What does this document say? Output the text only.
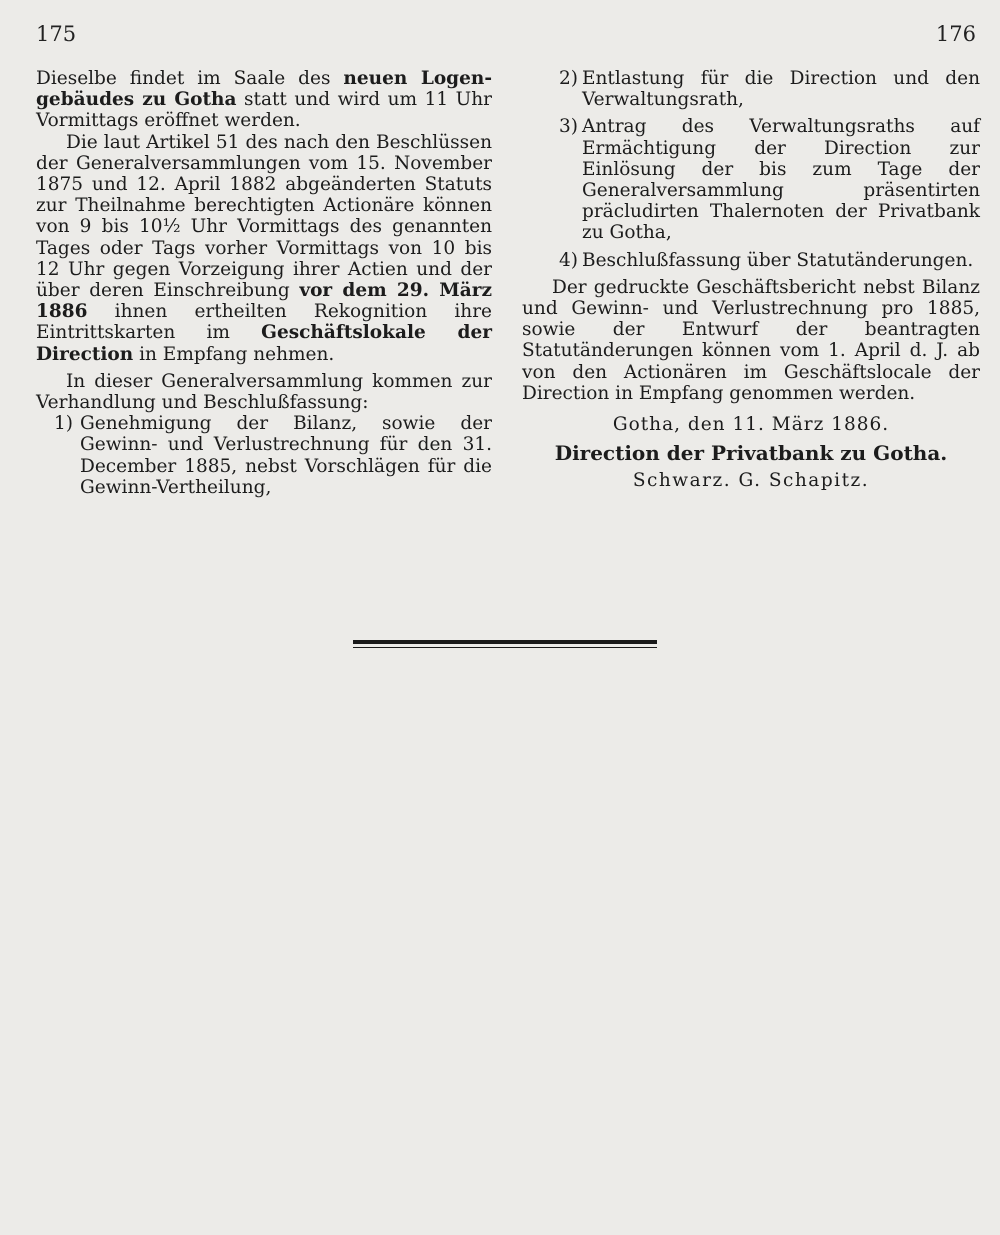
175	176

Dieselbe findet im Saale des neuen Logen-gebäudes zu Gotha statt und wird um 11 Uhr Vormittags eröffnet werden.

Die laut Artikel 51 des nach den Beschlüssen der Generalversammlungen vom 15. November 1875 und 12. April 1882 abgeänderten Statuts zur Theilnahme berechtigten Actionäre können von 9 bis 10½ Uhr Vormittags des genannten Tages oder Tags vorher Vormittags von 10 bis 12 Uhr gegen Vorzeigung ihrer Actien und der über deren Einschreibung vor dem 29. März 1886 ihnen ertheilten Rekognition ihre Eintrittskarten im Geschäftslokale der Direction in Empfang nehmen.

In dieser Generalversammlung kommen zur Verhandlung und Beschlußfassung:

1) Genehmigung der Bilanz, sowie der Gewinn- und Verlustrechnung für den 31. December 1885, nebst Vorschlägen für die Gewinn-Vertheilung,
2) Entlastung für die Direction und den Verwaltungsrath,
3) Antrag des Verwaltungsraths auf Ermächtigung der Direction zur Einlösung der bis zum Tage der Generalversammlung präsentirten präcludirten Thalernoten der Privatbank zu Gotha,
4) Beschlußfassung über Statutänderungen.

Der gedruckte Geschäftsbericht nebst Bilanz und Gewinn- und Verlustrechnung pro 1885, sowie der Entwurf der beantragten Statutänderungen können vom 1. April d. J. ab von den Actionären im Geschäftslocale der Direction in Empfang genommen werden.

Gotha, den 11. März 1886.

Direction der Privatbank zu Gotha.

Schwarz. G. Schapitz.
